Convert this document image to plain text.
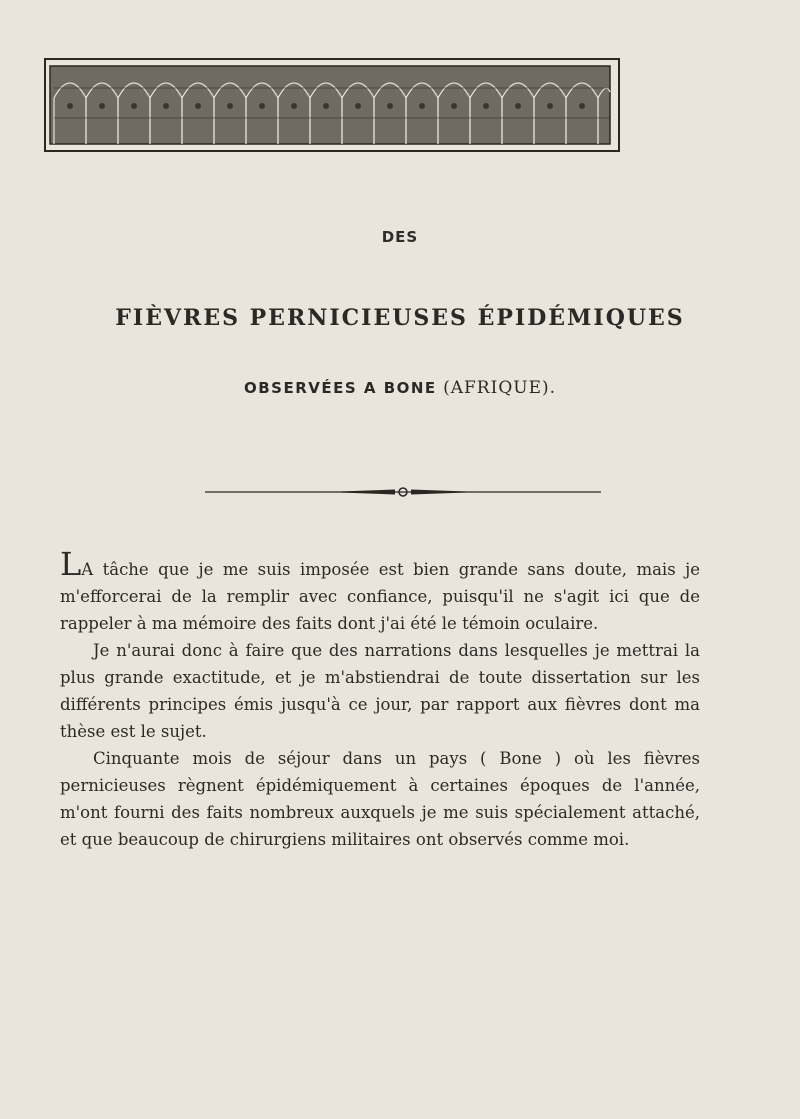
DES
FIÈVRES PERNICIEUSES ÉPIDÉMIQUES
OBSERVÉES A BONE (AFRIQUE).

LA tâche que je me suis imposée est bien grande sans doute, mais je m'efforcerai de la remplir avec confiance, puisqu'il ne s'agit ici que de rappeler à ma mémoire des faits dont j'ai été le témoin oculaire.

Je n'aurai donc à faire que des narrations dans lesquelles je mettrai la plus grande exactitude, et je m'abstiendrai de toute dissertation sur les différents principes émis jusqu'à ce jour, par rapport aux fièvres dont ma thèse est le sujet.

Cinquante mois de séjour dans un pays ( Bone ) où les fièvres pernicieuses règnent épidémiquement à certaines époques de l'année, m'ont fourni des faits nombreux auxquels je me suis spécialement attaché, et que beaucoup de chirurgiens militaires ont observés comme moi.
